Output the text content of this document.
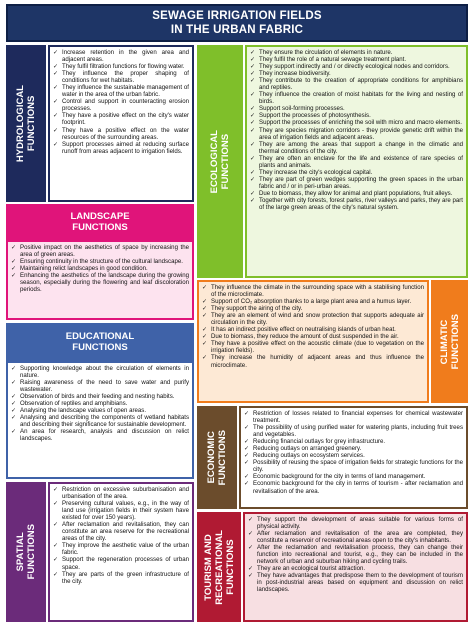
SEWAGE IRRIGATION FIELDS
IN THE URBAN FABRIC
HYDROLOGICAL
FUNCTIONS
✓ Increase retention in the given area and adjacent areas.
✓ They fulfil filtration functions for flowing water.
✓ They influence the proper shaping of conditions for wet habitats.
✓ They influence the sustainable management of water in the area of the urban fabric.
✓ Control and support in counteracting erosion processes.
✓ They have a positive effect on the city's water footprint.
✓ They have a positive effect on the water resources of the surrounding areas.
✓ Support processes aimed at reducing surface runoff from areas adjacent to irrigation fields.
LANDSCAPE
FUNCTIONS
✓ Positive impact on the aesthetics of space by increasing the area of green areas.
✓ Ensuring continuity in the structure of the cultural landscape.
✓ Maintaining relict landscapes in good condition.
✓ Enhancing the aesthetics of the landscape during the growing season, especially during the flowering and leaf discoloration periods.
EDUCATIONAL
FUNCTIONS
✓ Supporting knowledge about the circulation of elements in nature.
✓ Raising awareness of the need to save water and purify wastewater.
✓ Observation of birds and their feeding and nesting habits.
✓ Observation of reptiles and amphibians.
✓ Analysing the landscape values of open areas.
✓ Analysing and describing the components of wetland habitats and describing their significance for sustainable development.
✓ An area for research, analysis and discussion on relict landscapes.
SPATIAL
FUNCTIONS
✓ Restriction on excessive suburbanisation and urbanisation of the area.
✓ Preserving cultural values, e.g., in the way of land use (irrigation fields in their system have existed for over 150 years).
✓ After reclamation and revitalisation, they can constitute an area reserve for the recreational areas of the city.
✓ They improve the aesthetic value of the urban fabric.
✓ Support the regeneration processes of urban space.
✓ They are parts of the green infrastructure of the city.
ECOLOGICAL
FUNCTIONS
✓ They ensure the circulation of elements in nature.
✓ They fulfil the role of a natural sewage treatment plant.
✓ They support indirectly and / or directly ecological nodes and corridors.
✓ They increase biodiversity.
✓ They contribute to the creation of appropriate conditions for amphibians and reptiles.
✓ They influence the creation of moist habitats for the living and nesting of birds.
✓ Support soil-forming processes.
✓ Support the processes of photosynthesis.
✓ Support the processes of enriching the soil with micro and macro elements.
✓ They are species migration corridors - they provide genetic drift within the area of irrigation fields and adjacent areas.
✓ They are among the areas that support a change in the climatic and thermal conditions of the city.
✓ They are often an enclave for the life and existence of rare species of plants and animals.
✓ They increase the city's ecological capital.
✓ They are part of green wedges supporting the green spaces in the urban fabric and / or in peri-urban areas.
✓ Due to biomass, they allow for animal and plant populations, fruit alleys.
✓ Together with city forests, forest parks, river valleys and parks, they are part of the large green areas of the city's natural system.
✓ They influence the climate in the surrounding space with a stabilising function of the microclimate.
✓ Support of CO₂ absorption thanks to a large plant area and a humus layer.
✓ They support the airing of the city.
✓ They are an element of wind and snow protection that supports adequate air circulation in the city.
✓ It has an indirect positive effect on neutralising islands of urban heat.
✓ Due to biomass, they reduce the amount of dust suspended in the air.
✓ They have a positive effect on the acoustic climate (due to vegetation on the irrigation fields).
✓ They increase the humidity of adjacent areas and thus influence the microclimate.
CLIMATIC
FUNCTIONS
ECONOMIC
FUNCTIONS
✓ Restriction of losses related to financial expenses for chemical wastewater treatment.
✓ The possibility of using purified water for watering plants, including fruit trees and vegetables.
✓ Reducing financial outlays for grey infrastructure.
✓ Reducing outlays on arranged greenery.
✓ Reducing outlays on ecosystem services.
✓ Possibility of reusing the space of irrigation fields for strategic functions for the city.
✓ Economic background for the city in terms of land management.
✓ Economic background for the city in terms of tourism - after reclamation and revitalisation of the area.
TOURISM AND
RECREATIONAL
FUNCTIONS
✓ They support the development of areas suitable for various forms of physical activity.
✓ After reclamation and revitalisation of the area are completed, they constitute a reservoir of recreational areas open to the city's inhabitants.
✓ After the reclamation and revitalisation process, they can change their function into recreational and tourist, e.g., they can be included in the network of urban and suburban hiking and cycling trails.
✓ They are an ecological tourist attraction.
✓ They have advantages that predispose them to the development of tourism in post-industrial areas based on equipment and discussion on relict landscapes.
